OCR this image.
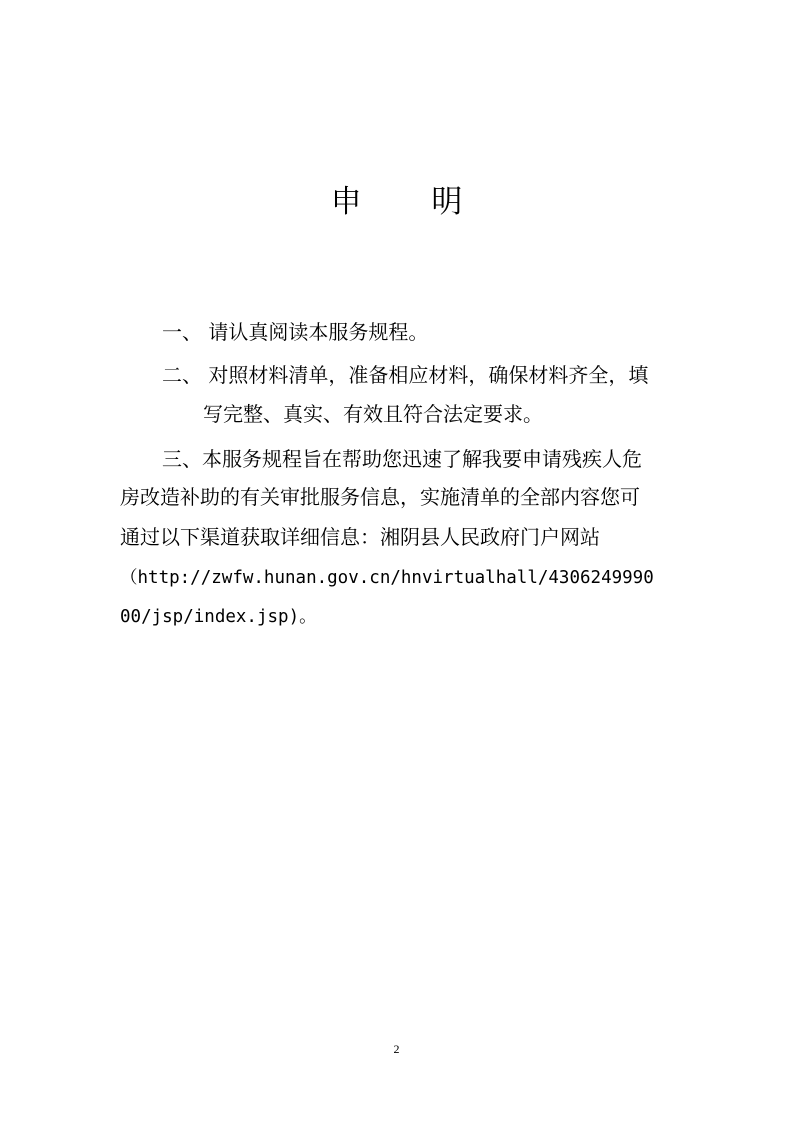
申 明

一、 请认真阅读本服务规程。

二、 对照材料清单，准备相应材料，确保材料齐全，填

写完整、真实、有效且符合法定要求。

三、本服务规程旨在帮助您迅速了解我要申请残疾人危

房改造补助的有关审批服务信息，实施清单的全部内容您可

通过以下渠道获取详细信息：湘阴县人民政府门户网站

（http://zwfw.hunan.gov.cn/hnvirtualhall/4306249990

00/jsp/index.jsp)。

2
